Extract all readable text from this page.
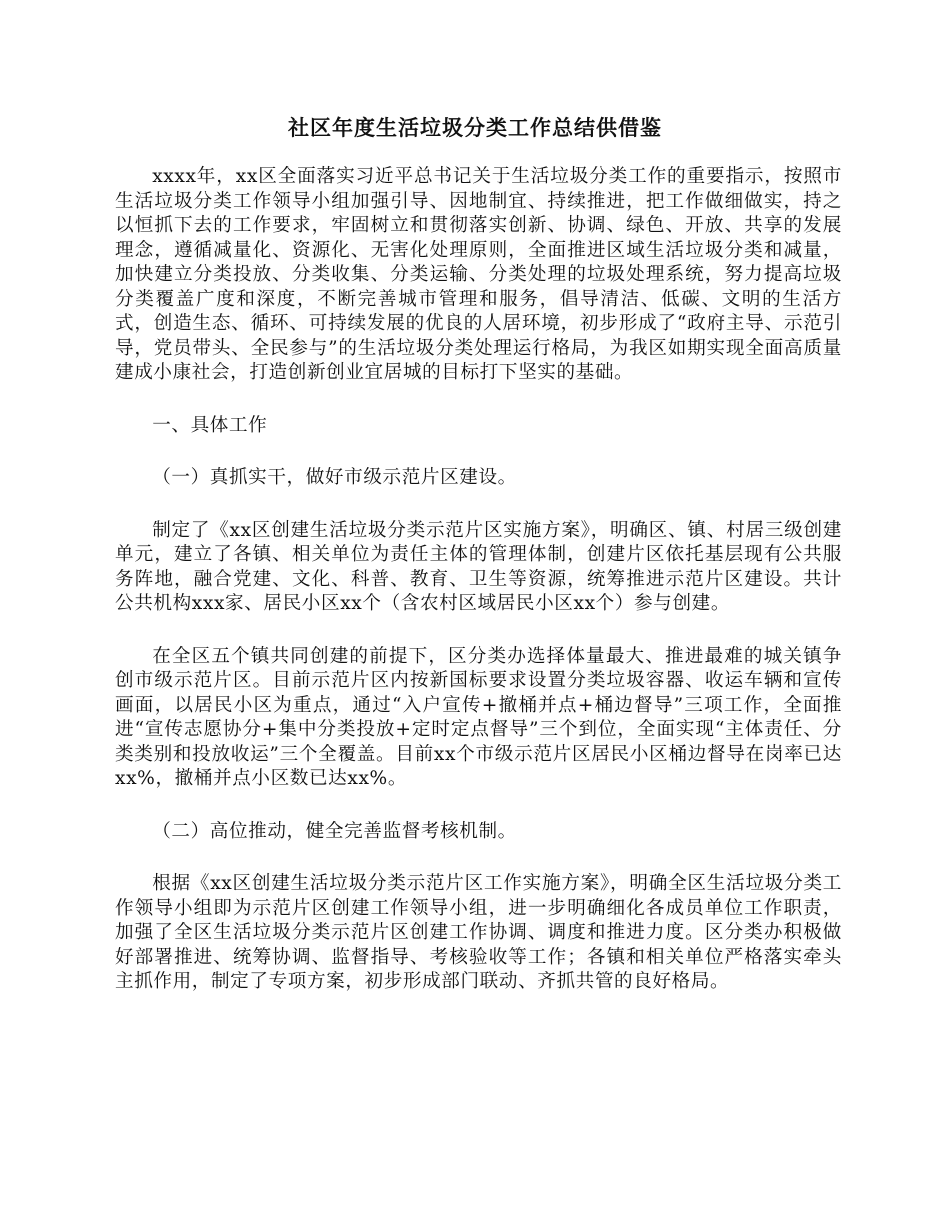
社区年度生活垃圾分类工作总结供借鉴

xxxx年，xx区全面落实习近平总书记关于生活垃圾分类工作的重要指示，按照市生活垃圾分类工作领导小组加强引导、因地制宜、持续推进，把工作做细做实，持之以恒抓下去的工作要求，牢固树立和贯彻落实创新、协调、绿色、开放、共享的发展理念，遵循减量化、资源化、无害化处理原则，全面推进区域生活垃圾分类和减量，加快建立分类投放、分类收集、分类运输、分类处理的垃圾处理系统，努力提高垃圾分类覆盖广度和深度，不断完善城市管理和服务，倡导清洁、低碳、文明的生活方式，创造生态、循环、可持续发展的优良的人居环境，初步形成了“政府主导、示范引导，党员带头、全民参与”的生活垃圾分类处理运行格局，为我区如期实现全面高质量建成小康社会，打造创新创业宜居城的目标打下坚实的基础。

一、具体工作

（一）真抓实干，做好市级示范片区建设。

制定了《xx区创建生活垃圾分类示范片区实施方案》，明确区、镇、村居三级创建单元，建立了各镇、相关单位为责任主体的管理体制，创建片区依托基层现有公共服务阵地，融合党建、文化、科普、教育、卫生等资源，统筹推进示范片区建设。共计公共机构xxx家、居民小区xx个（含农村区域居民小区xx个）参与创建。

在全区五个镇共同创建的前提下，区分类办选择体量最大、推进最难的城关镇争创市级示范片区。目前示范片区内按新国标要求设置分类垃圾容器、收运车辆和宣传画面，以居民小区为重点，通过“入户宣传+撤桶并点+桶边督导”三项工作，全面推进“宣传志愿协分+集中分类投放+定时定点督导”三个到位，全面实现“主体责任、分类类别和投放收运”三个全覆盖。目前xx个市级示范片区居民小区桶边督导在岗率已达xx%，撤桶并点小区数已达xx%。

（二）高位推动，健全完善监督考核机制。

根据《xx区创建生活垃圾分类示范片区工作实施方案》，明确全区生活垃圾分类工作领导小组即为示范片区创建工作领导小组，进一步明确细化各成员单位工作职责，加强了全区生活垃圾分类示范片区创建工作协调、调度和推进力度。区分类办积极做好部署推进、统筹协调、监督指导、考核验收等工作；各镇和相关单位严格落实牵头主抓作用，制定了专项方案，初步形成部门联动、齐抓共管的良好格局。
